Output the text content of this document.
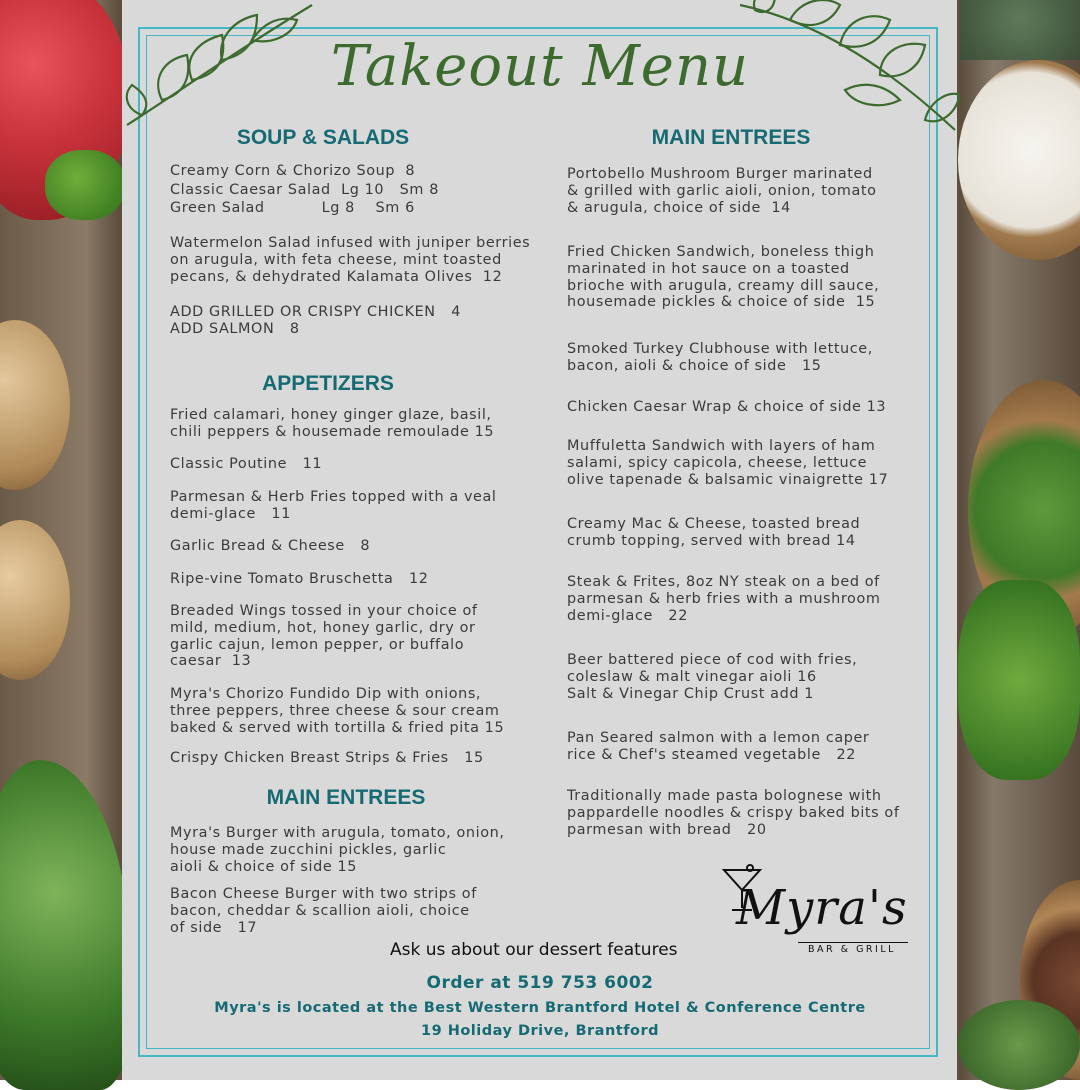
Takeout Menu
SOUP & SALADS
Creamy Corn & Chorizo Soup  8
Classic Caesar Salad  Lg 10   Sm 8
Green Salad           Lg 8    Sm 6
Watermelon Salad infused with juniper berries
on arugula, with feta cheese, mint toasted
pecans, & dehydrated Kalamata Olives  12
ADD GRILLED OR CRISPY CHICKEN   4
ADD SALMON   8
APPETIZERS
Fried calamari, honey ginger glaze, basil,
chili peppers & housemade remoulade 15
Classic Poutine   11
Parmesan & Herb Fries topped with a veal
demi-glace   11
Garlic Bread & Cheese   8
Ripe-vine Tomato Bruschetta   12
Breaded Wings tossed in your choice of
mild, medium, hot, honey garlic, dry or
garlic cajun, lemon pepper, or buffalo
caesar  13
Myra's Chorizo Fundido Dip with onions,
three peppers, three cheese & sour cream
baked & served with tortilla & fried pita 15
Crispy Chicken Breast Strips & Fries   15
MAIN ENTREES
Myra's Burger with arugula, tomato, onion,
house made zucchini pickles, garlic
aioli & choice of side 15
Bacon Cheese Burger with two strips of
bacon, cheddar & scallion aioli, choice
of side   17
MAIN ENTREES
Portobello Mushroom Burger marinated
& grilled with garlic aioli, onion, tomato
& arugula, choice of side  14
Fried Chicken Sandwich, boneless thigh
marinated in hot sauce on a toasted
brioche with arugula, creamy dill sauce,
housemade pickles & choice of side  15
Smoked Turkey Clubhouse with lettuce,
bacon, aioli & choice of side   15
Chicken Caesar Wrap & choice of side 13
Muffuletta Sandwich with layers of ham
salami, spicy capicola, cheese, lettuce
olive tapenade & balsamic vinaigrette 17
Creamy Mac & Cheese, toasted bread
crumb topping, served with bread 14
Steak & Frites, 8oz NY steak on a bed of
parmesan & herb fries with a mushroom
demi-glace   22
Beer battered piece of cod with fries,
coleslaw & malt vinegar aioli 16
Salt & Vinegar Chip Crust add 1
Pan Seared salmon with a lemon caper
rice & Chef's steamed vegetable   22
Traditionally made pasta bolognese with
pappardelle noodles & crispy baked bits of
parmesan with bread   20
Myra's
BAR & GRILL
Ask us about our dessert features
Order at 519 753 6002
Myra's is located at the Best Western Brantford Hotel & Conference Centre
19 Holiday Drive, Brantford
